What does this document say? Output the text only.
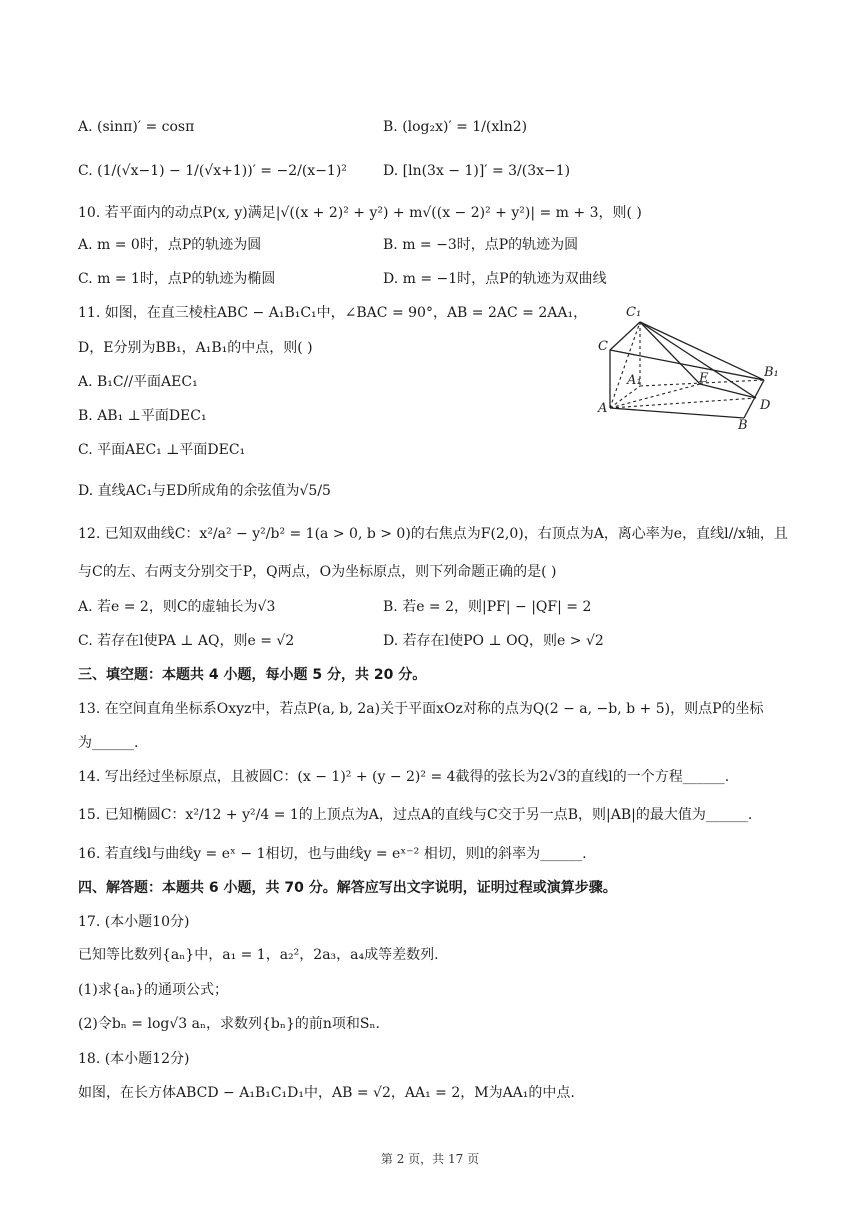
A. (sinπ)′ = cosπ	B. (log₂x)′ = 1/(xln2)
C. (1/(√x−1) − 1/(√x+1))′ = −2/(x−1)²	D. [ln(3x − 1)]′ = 3/(3x−1)
10. 若平面内的动点P(x, y)满足|√((x + 2)² + y²) + m√((x − 2)² + y²)| = m + 3，则( )
A. m = 0时，点P的轨迹为圆	B. m = −3时，点P的轨迹为圆
C. m = 1时，点P的轨迹为椭圆	D. m = −1时，点P的轨迹为双曲线
11. 如图，在直三棱柱ABC − A₁B₁C₁中，∠BAC = 90°，AB = 2AC = 2AA₁，
D，E分别为BB₁，A₁B₁的中点，则( )
A. B₁C//平面AEC₁
B. AB₁ ⊥平面DEC₁
C. 平面AEC₁ ⊥平面DEC₁
D. 直线AC₁与ED所成角的余弦值为√5/5
C₁
C
A₁	E	B₁
A	D
B
12. 已知双曲线C：x²/a² − y²/b² = 1(a > 0, b > 0)的右焦点为F(2,0)，右顶点为A，离心率为e，直线l//x轴，且
与C的左、右两支分别交于P，Q两点，O为坐标原点，则下列命题正确的是( )
A. 若e = 2，则C的虚轴长为√3	B. 若e = 2，则|PF| − |QF| = 2
C. 若存在l使PA ⊥ AQ，则e = √2	D. 若存在l使PO ⊥ OQ，则e > √2
三、填空题：本题共 4 小题，每小题 5 分，共 20 分。
13. 在空间直角坐标系Oxyz中，若点P(a, b, 2a)关于平面xOz对称的点为Q(2 − a, −b, b + 5)，则点P的坐标
为______.
14. 写出经过坐标原点，且被圆C：(x − 1)² + (y − 2)² = 4截得的弦长为2√3的直线l的一个方程______.
15. 已知椭圆C：x²/12 + y²/4 = 1的上顶点为A，过点A的直线与C交于另一点B，则|AB|的最大值为______.
16. 若直线l与曲线y = eˣ − 1相切，也与曲线y = eˣ⁻² 相切，则l的斜率为______.
四、解答题：本题共 6 小题，共 70 分。解答应写出文字说明，证明过程或演算步骤。
17. (本小题10分)
已知等比数列{aₙ}中，a₁ = 1，a₂²，2a₃，a₄成等差数列.
(1)求{aₙ}的通项公式；
(2)令bₙ = log√3 aₙ，求数列{bₙ}的前n项和Sₙ.
18. (本小题12分)
如图，在长方体ABCD − A₁B₁C₁D₁中，AB = √2，AA₁ = 2，M为AA₁的中点.
第 2 页，共 17 页
